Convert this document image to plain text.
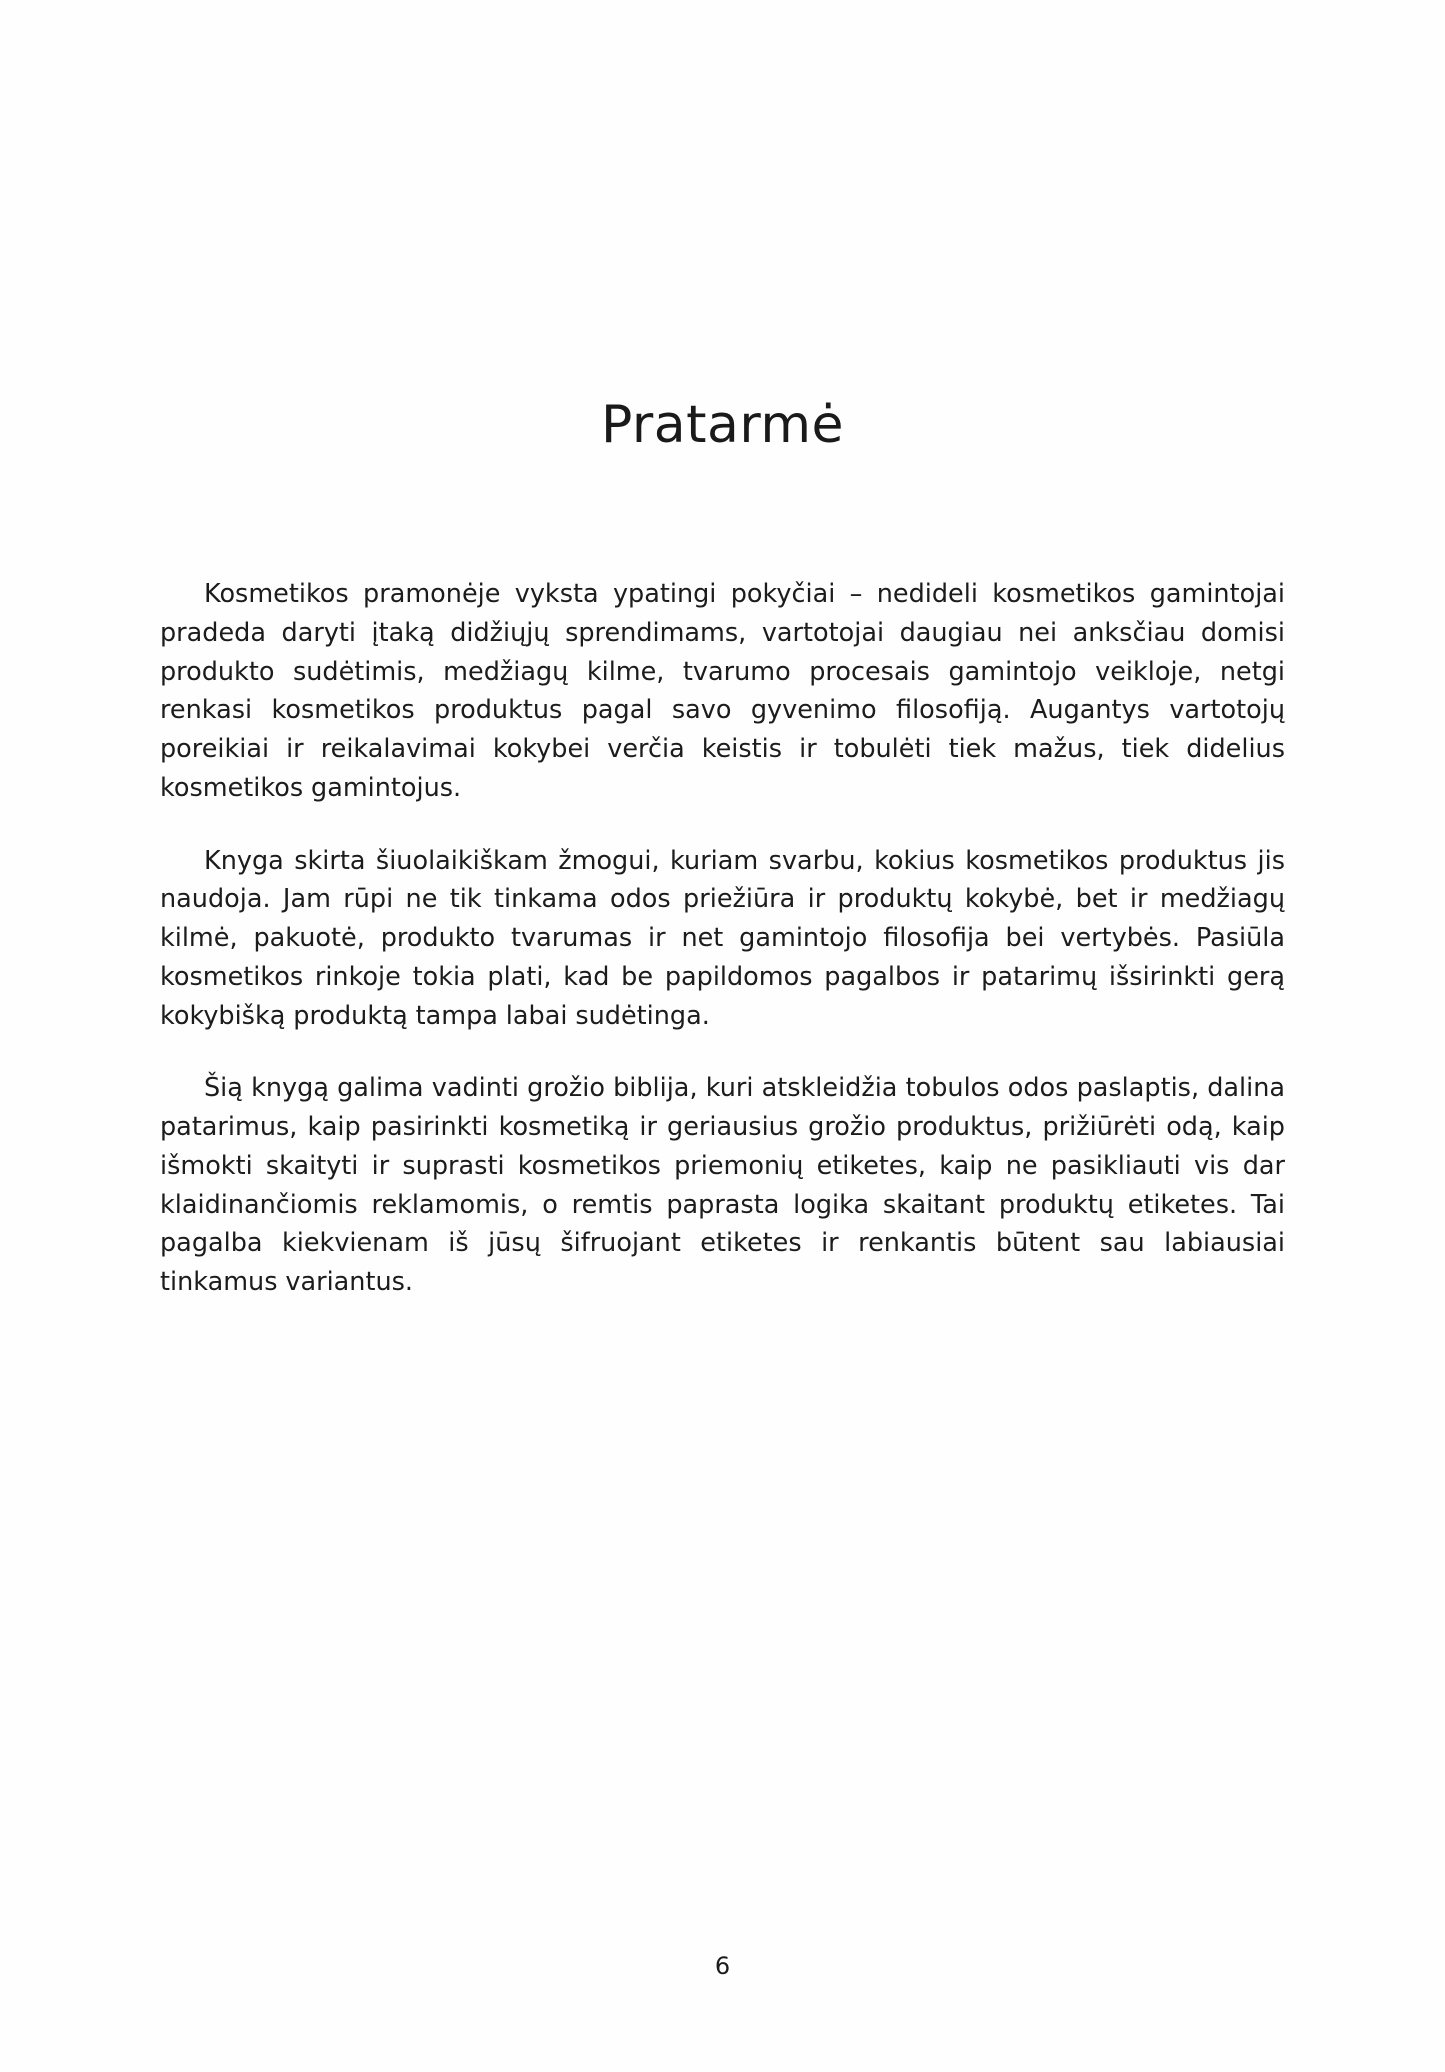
Pratarmė

Kosmetikos pramonėje vyksta ypatingi pokyčiai – nedideli kosmetikos gamintojai pradeda daryti įtaką didžiųjų sprendimams, vartotojai daugiau nei anksčiau domisi produkto sudėtimis, medžiagų kilme, tvarumo procesais gamintojo veikloje, netgi renkasi kosmetikos produktus pagal savo gyvenimo filosofiją. Augantys vartotojų poreikiai ir reikalavimai kokybei verčia keistis ir tobulėti tiek mažus, tiek didelius kosmetikos gamintojus.

Knyga skirta šiuolaikiškam žmogui, kuriam svarbu, kokius kosmetikos produktus jis naudoja. Jam rūpi ne tik tinkama odos priežiūra ir produktų kokybė, bet ir medžiagų kilmė, pakuotė, produkto tvarumas ir net gamintojo filosofija bei vertybės. Pasiūla kosmetikos rinkoje tokia plati, kad be papildomos pagalbos ir patarimų išsirinkti gerą kokybišką produktą tampa labai sudėtinga.

Šią knygą galima vadinti grožio biblija, kuri atskleidžia tobulos odos paslaptis, dalina patarimus, kaip pasirinkti kosmetiką ir geriausius grožio produktus, prižiūrėti odą, kaip išmokti skaityti ir suprasti kosmetikos priemonių etiketes, kaip ne pasikliauti vis dar klaidinančiomis reklamomis, o remtis paprasta logika skaitant produktų etiketes. Tai pagalba kiekvienam iš jūsų šifruojant etiketes ir renkantis būtent sau labiausiai tinkamus variantus.

6
